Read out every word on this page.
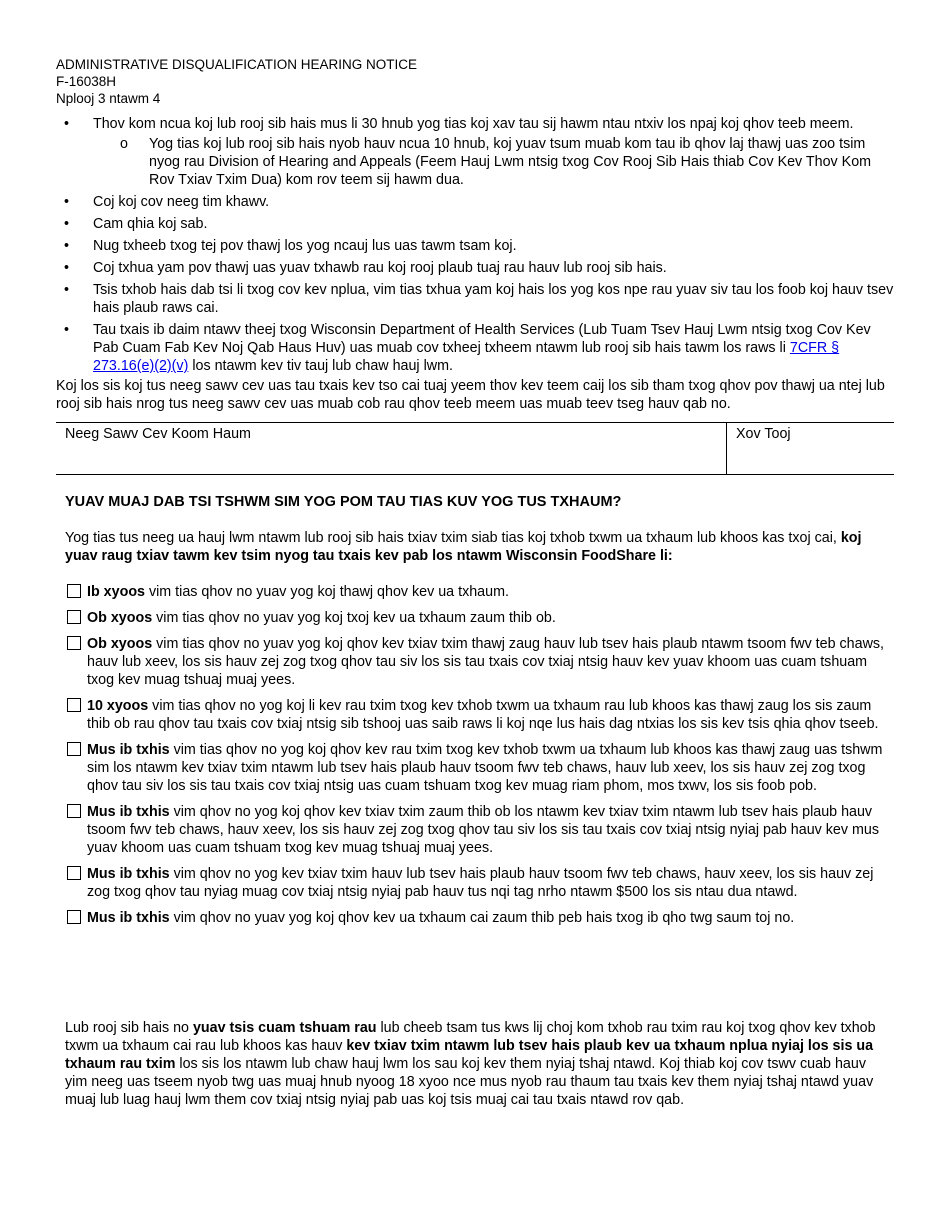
ADMINISTRATIVE DISQUALIFICATION HEARING NOTICE
F-16038H
Nplooj 3 ntawm 4
• Thov kom ncua koj lub rooj sib hais mus li 30 hnub yog tias koj xav tau sij hawm ntau ntxiv los npaj koj qhov teeb meem.
o Yog tias koj lub rooj sib hais nyob hauv ncua 10 hnub, koj yuav tsum muab kom tau ib qhov laj thawj uas zoo tsim nyog rau Division of Hearing and Appeals (Feem Hauj Lwm ntsig txog Cov Rooj Sib Hais thiab Cov Kev Thov Kom Rov Txiav Txim Dua) kom rov teem sij hawm dua.
• Coj koj cov neeg tim khawv.
• Cam qhia koj sab.
• Nug txheeb txog tej pov thawj los yog ncauj lus uas tawm tsam koj.
• Coj txhua yam pov thawj uas yuav txhawb rau koj rooj plaub tuaj rau hauv lub rooj sib hais.
• Tsis txhob hais dab tsi li txog cov kev nplua, vim tias txhua yam koj hais los yog kos npe rau yuav siv tau los foob koj hauv tsev hais plaub raws cai.
• Tau txais ib daim ntawv theej txog Wisconsin Department of Health Services (Lub Tuam Tsev Hauj Lwm ntsig txog Cov Kev Pab Cuam Fab Kev Noj Qab Haus Huv) uas muab cov txheej txheem ntawm lub rooj sib hais tawm los raws li 7CFR § 273.16(e)(2)(v) los ntawm kev tiv tauj lub chaw hauj lwm.
Koj los sis koj tus neeg sawv cev uas tau txais kev tso cai tuaj yeem thov kev teem caij los sib tham txog qhov pov thawj ua ntej lub rooj sib hais nrog tus neeg sawv cev uas muab cob rau qhov teeb meem uas muab teev tseg hauv qab no.
Neeg Sawv Cev Koom Haum	Xov Tooj
YUAV MUAJ DAB TSI TSHWM SIM YOG POM TAU TIAS KUV YOG TUS TXHAUM?
Yog tias tus neeg ua hauj lwm ntawm lub rooj sib hais txiav txim siab tias koj txhob txwm ua txhaum lub khoos kas txoj cai, koj yuav raug txiav tawm kev tsim nyog tau txais kev pab los ntawm Wisconsin FoodShare li:
Ib xyoos vim tias qhov no yuav yog koj thawj qhov kev ua txhaum.
Ob xyoos vim tias qhov no yuav yog koj txoj kev ua txhaum zaum thib ob.
Ob xyoos vim tias qhov no yuav yog koj qhov kev txiav txim thawj zaug hauv lub tsev hais plaub ntawm tsoom fwv teb chaws, hauv lub xeev, los sis hauv zej zog txog qhov tau siv los sis tau txais cov txiaj ntsig hauv kev yuav khoom uas cuam tshuam txog kev muag tshuaj muaj yees.
10 xyoos vim tias qhov no yog koj li kev rau txim txog kev txhob txwm ua txhaum rau lub khoos kas thawj zaug los sis zaum thib ob rau qhov tau txais cov txiaj ntsig sib tshooj uas saib raws li koj nqe lus hais dag ntxias los sis kev tsis qhia qhov tseeb.
Mus ib txhis vim tias qhov no yog koj qhov kev rau txim txog kev txhob txwm ua txhaum lub khoos kas thawj zaug uas tshwm sim los ntawm kev txiav txim ntawm lub tsev hais plaub hauv tsoom fwv teb chaws, hauv lub xeev, los sis hauv zej zog txog qhov tau siv los sis tau txais cov txiaj ntsig uas cuam tshuam txog kev muag riam phom, mos txwv, los sis foob pob.
Mus ib txhis vim qhov no yog koj qhov kev txiav txim zaum thib ob los ntawm kev txiav txim ntawm lub tsev hais plaub hauv tsoom fwv teb chaws, hauv xeev, los sis hauv zej zog txog qhov tau siv los sis tau txais cov txiaj ntsig nyiaj pab hauv kev mus yuav khoom uas cuam tshuam txog kev muag tshuaj muaj yees.
Mus ib txhis vim qhov no yog kev txiav txim hauv lub tsev hais plaub hauv tsoom fwv teb chaws, hauv xeev, los sis hauv zej zog txog qhov tau nyiag muag cov txiaj ntsig nyiaj pab hauv tus nqi tag nrho ntawm $500 los sis ntau dua ntawd.
Mus ib txhis vim qhov no yuav yog koj qhov kev ua txhaum cai zaum thib peb hais txog ib qho twg saum toj no.
Lub rooj sib hais no yuav tsis cuam tshuam rau lub cheeb tsam tus kws lij choj kom txhob rau txim rau koj txog qhov kev txhob txwm ua txhaum cai rau lub khoos kas hauv kev txiav txim ntawm lub tsev hais plaub kev ua txhaum nplua nyiaj los sis ua txhaum rau txim los sis los ntawm lub chaw hauj lwm los sau koj kev them nyiaj tshaj ntawd. Koj thiab koj cov tswv cuab hauv yim neeg uas tseem nyob twg uas muaj hnub nyoog 18 xyoo nce mus nyob rau thaum tau txais kev them nyiaj tshaj ntawd yuav muaj lub luag hauj lwm them cov txiaj ntsig nyiaj pab uas koj tsis muaj cai tau txais ntawd rov qab.
